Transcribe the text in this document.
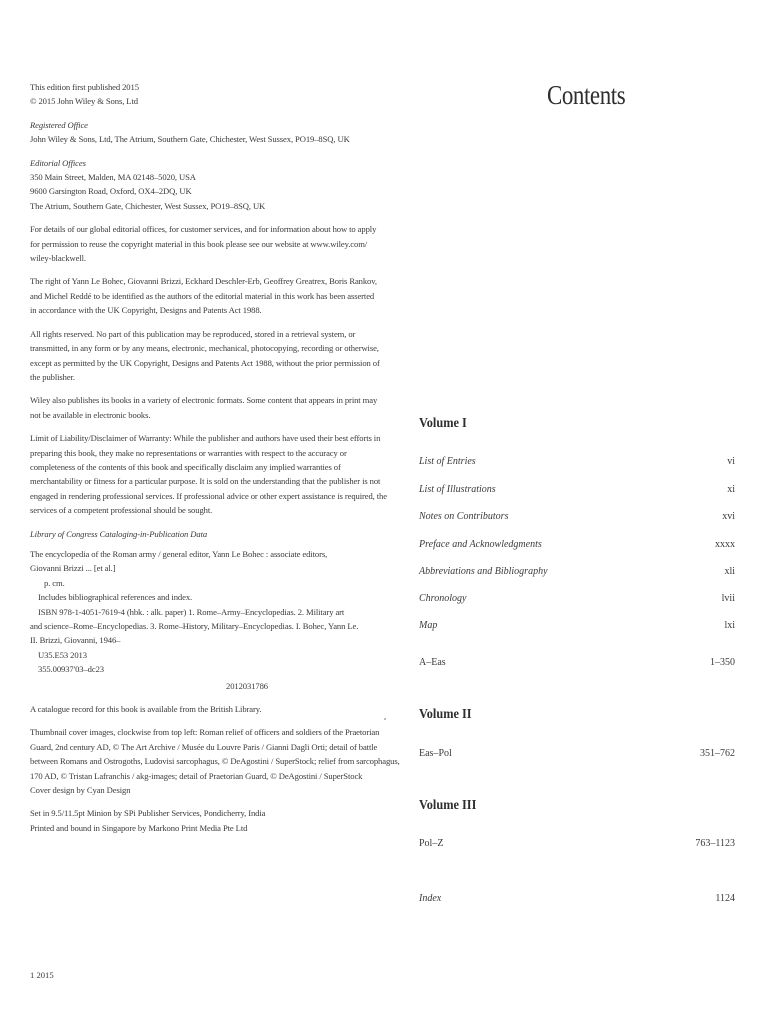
This edition first published 2015
© 2015 John Wiley & Sons, Ltd
Registered Office
John Wiley & Sons, Ltd, The Atrium, Southern Gate, Chichester, West Sussex, PO19–8SQ, UK
Editorial Offices
350 Main Street, Malden, MA 02148–5020, USA
9600 Garsington Road, Oxford, OX4–2DQ, UK
The Atrium, Southern Gate, Chichester, West Sussex, PO19–8SQ, UK
For details of our global editorial offices, for customer services, and for information about how to apply
for permission to reuse the copyright material in this book please see our website at www.wiley.com/
wiley-blackwell.
The right of Yann Le Bohec, Giovanni Brizzi, Eckhard Deschler-Erb, Geoffrey Greatrex, Boris Rankov,
and Michel Reddé to be identified as the authors of the editorial material in this work has been asserted
in accordance with the UK Copyright, Designs and Patents Act 1988.
All rights reserved. No part of this publication may be reproduced, stored in a retrieval system, or
transmitted, in any form or by any means, electronic, mechanical, photocopying, recording or otherwise,
except as permitted by the UK Copyright, Designs and Patents Act 1988, without the prior permission of
the publisher.
Wiley also publishes its books in a variety of electronic formats. Some content that appears in print may
not be available in electronic books.
Limit of Liability/Disclaimer of Warranty: While the publisher and authors have used their best efforts in
preparing this book, they make no representations or warranties with respect to the accuracy or
completeness of the contents of this book and specifically disclaim any implied warranties of
merchantability or fitness for a particular purpose. It is sold on the understanding that the publisher is not
engaged in rendering professional services. If professional advice or other expert assistance is required, the
services of a competent professional should be sought.
Library of Congress Cataloging-in-Publication Data
The encyclopedia of the Roman army / general editor, Yann Le Bohec : associate editors,
Giovanni Brizzi ... [et al.]
p. cm.
Includes bibliographical references and index.
ISBN 978-1-4051-7619-4 (hbk. : alk. paper) 1. Rome–Army–Encyclopedias. 2. Military art
and science–Rome–Encyclopedias. 3. Rome–History, Military–Encyclopedias. I. Bohec, Yann Le.
II. Brizzi, Giovanni, 1946–
U35.E53 2013
355.00937'03–dc23
2012031786
A catalogue record for this book is available from the British Library.
Thumbnail cover images, clockwise from top left: Roman relief of officers and soldiers of the Praetorian
Guard, 2nd century AD, © The Art Archive / Musée du Louvre Paris / Gianni Dagli Orti; detail of battle
between Romans and Ostrogoths, Ludovisi sarcophagus, © DeAgostini / SuperStock; relief from sarcophagus,
170 AD, © Tristan Lafranchis / akg-images; detail of Praetorian Guard, © DeAgostini / SuperStock
Cover design by Cyan Design
Set in 9.5/11.5pt Minion by SPi Publisher Services, Pondicherry, India
Printed and bound in Singapore by Markono Print Media Pte Ltd
1 2015
Contents
Volume I
List of Entries	vi
List of Illustrations	xi
Notes on Contributors	xvi
Preface and Acknowledgments	xxxx
Abbreviations and Bibliography	xli
Chronology	lvii
Map	lxi
A–Eas	1–350
Volume II
Eas–Pol	351–762
Volume III
Pol–Z	763–1123
Index	1124
